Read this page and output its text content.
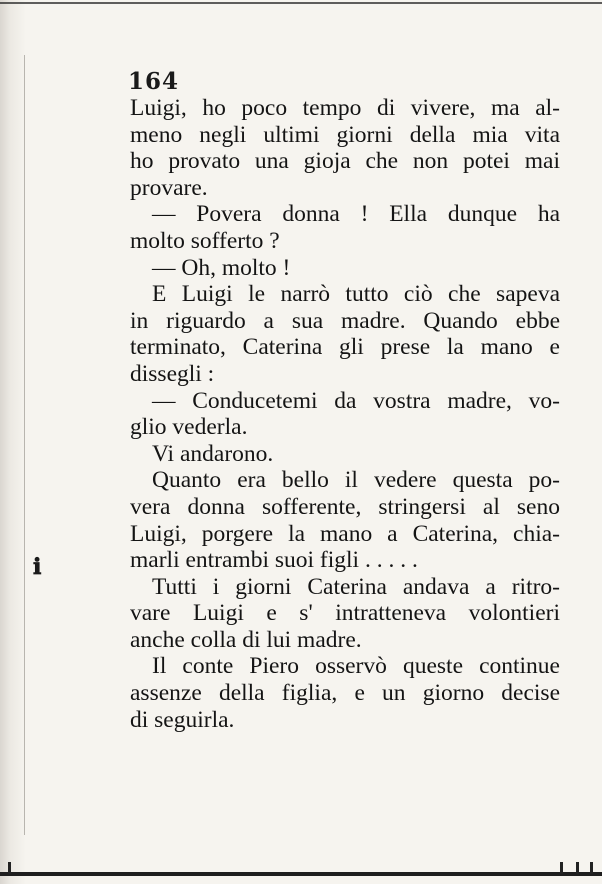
164
ℹ
Luigi, ho poco tempo di vivere, ma al-
meno negli ultimi giorni della mia vita
ho provato una gioja che non potei mai
provare.
— Povera donna ! Ella dunque ha
molto sofferto ?
— Oh, molto !
E Luigi le narrò tutto ciò che sapeva
in riguardo a sua madre. Quando ebbe
terminato, Caterina gli prese la mano e
dissegli :
— Conducetemi da vostra madre, vo-
glio vederla.
Vi andarono.
Quanto era bello il vedere questa po-
vera donna sofferente, stringersi al seno
Luigi, porgere la mano a Caterina, chia-
marli entrambi suoi figli . . . . .
Tutti i giorni Caterina andava a ritro-
vare Luigi e s' intratteneva volontieri
anche colla di lui madre.
Il conte Piero osservò queste continue
assenze della figlia, e un giorno decise
di seguirla.
